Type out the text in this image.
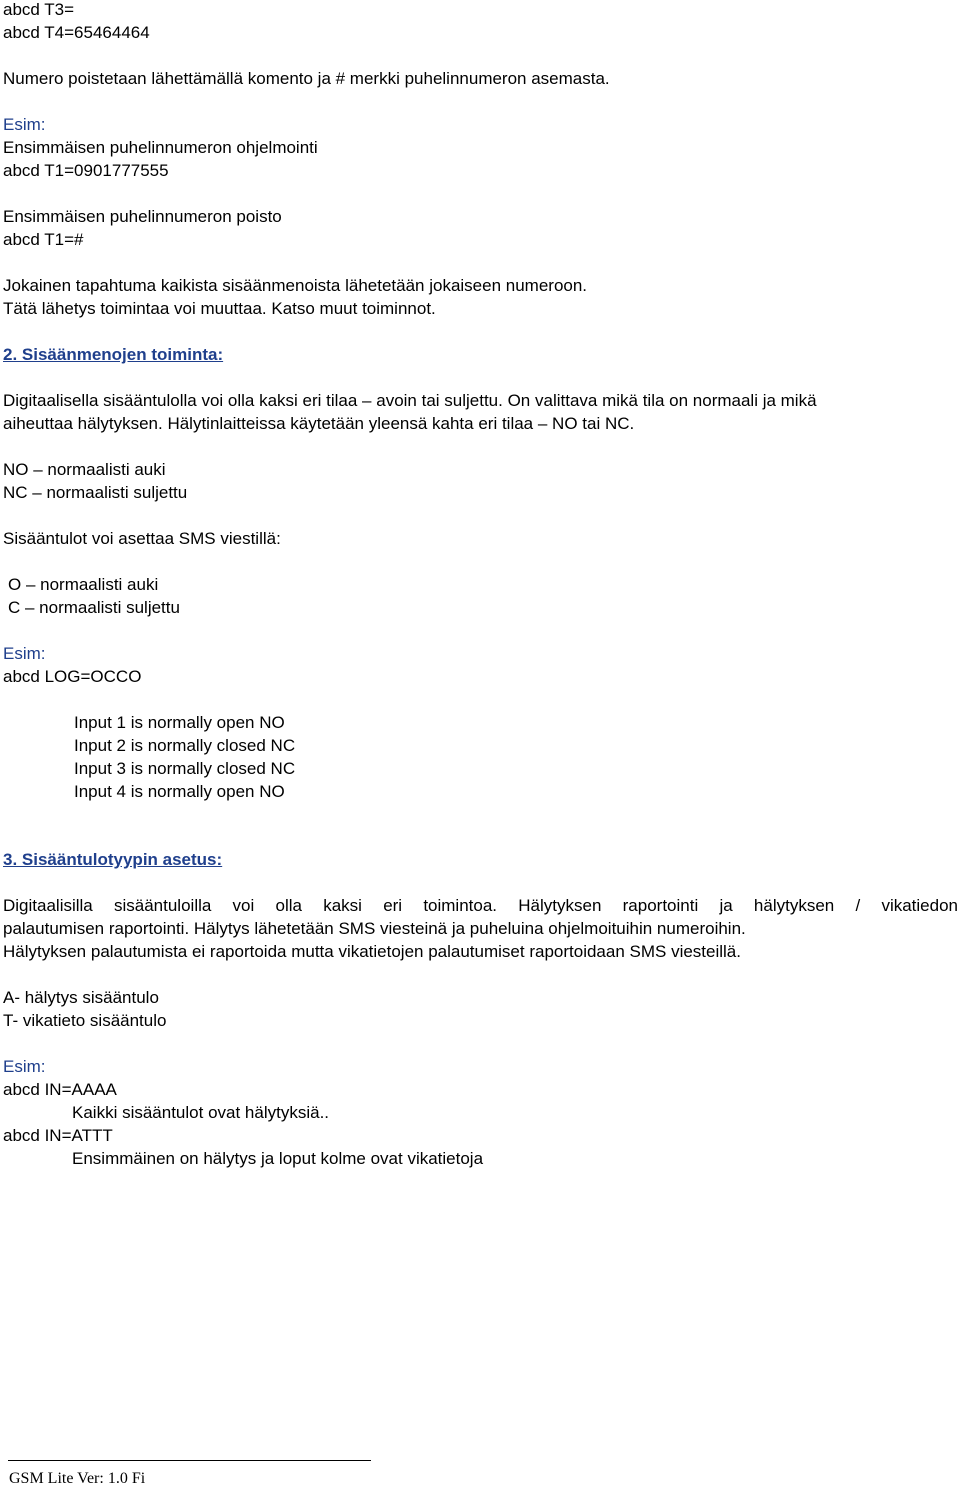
abcd T3=
abcd T4=65464464
Numero poistetaan lähettämällä komento ja # merkki puhelinnumeron asemasta.
Esim:
Ensimmäisen puhelinnumeron ohjelmointi
abcd T1=0901777555
Ensimmäisen puhelinnumeron poisto
abcd T1=#
Jokainen tapahtuma kaikista sisäänmenoista lähetetään jokaiseen numeroon.
Tätä lähetys toimintaa voi muuttaa. Katso muut toiminnot.
2. Sisäänmenojen toiminta:
Digitaalisella sisääntulolla voi olla kaksi eri tilaa – avoin tai suljettu. On valittava mikä tila on normaali ja mikä
aiheuttaa hälytyksen. Hälytinlaitteissa käytetään yleensä kahta eri tilaa – NO tai NC.
NO – normaalisti auki
NC – normaalisti suljettu
Sisääntulot voi asettaa SMS viestillä:
O – normaalisti auki
C – normaalisti suljettu
Esim:
abcd LOG=OCCO
Input 1 is normally open NO
Input 2 is normally closed NC
Input 3 is normally closed NC
Input 4 is normally open NO
3. Sisääntulotyypin asetus:
Digitaalisilla sisääntuloilla voi olla kaksi eri toimintoa. Hälytyksen raportointi ja hälytyksen / vikatiedon
palautumisen raportointi. Hälytys lähetetään SMS viesteinä ja puheluina ohjelmoituihin numeroihin.
Hälytyksen palautumista ei raportoida mutta vikatietojen palautumiset raportoidaan SMS viesteillä.
A- hälytys sisääntulo
T- vikatieto sisääntulo
Esim:
abcd IN=AAAA
Kaikki sisääntulot ovat hälytyksiä..
abcd IN=ATTT
Ensimmäinen on hälytys ja loput kolme ovat vikatietoja
GSM Lite Ver: 1.0 Fi
